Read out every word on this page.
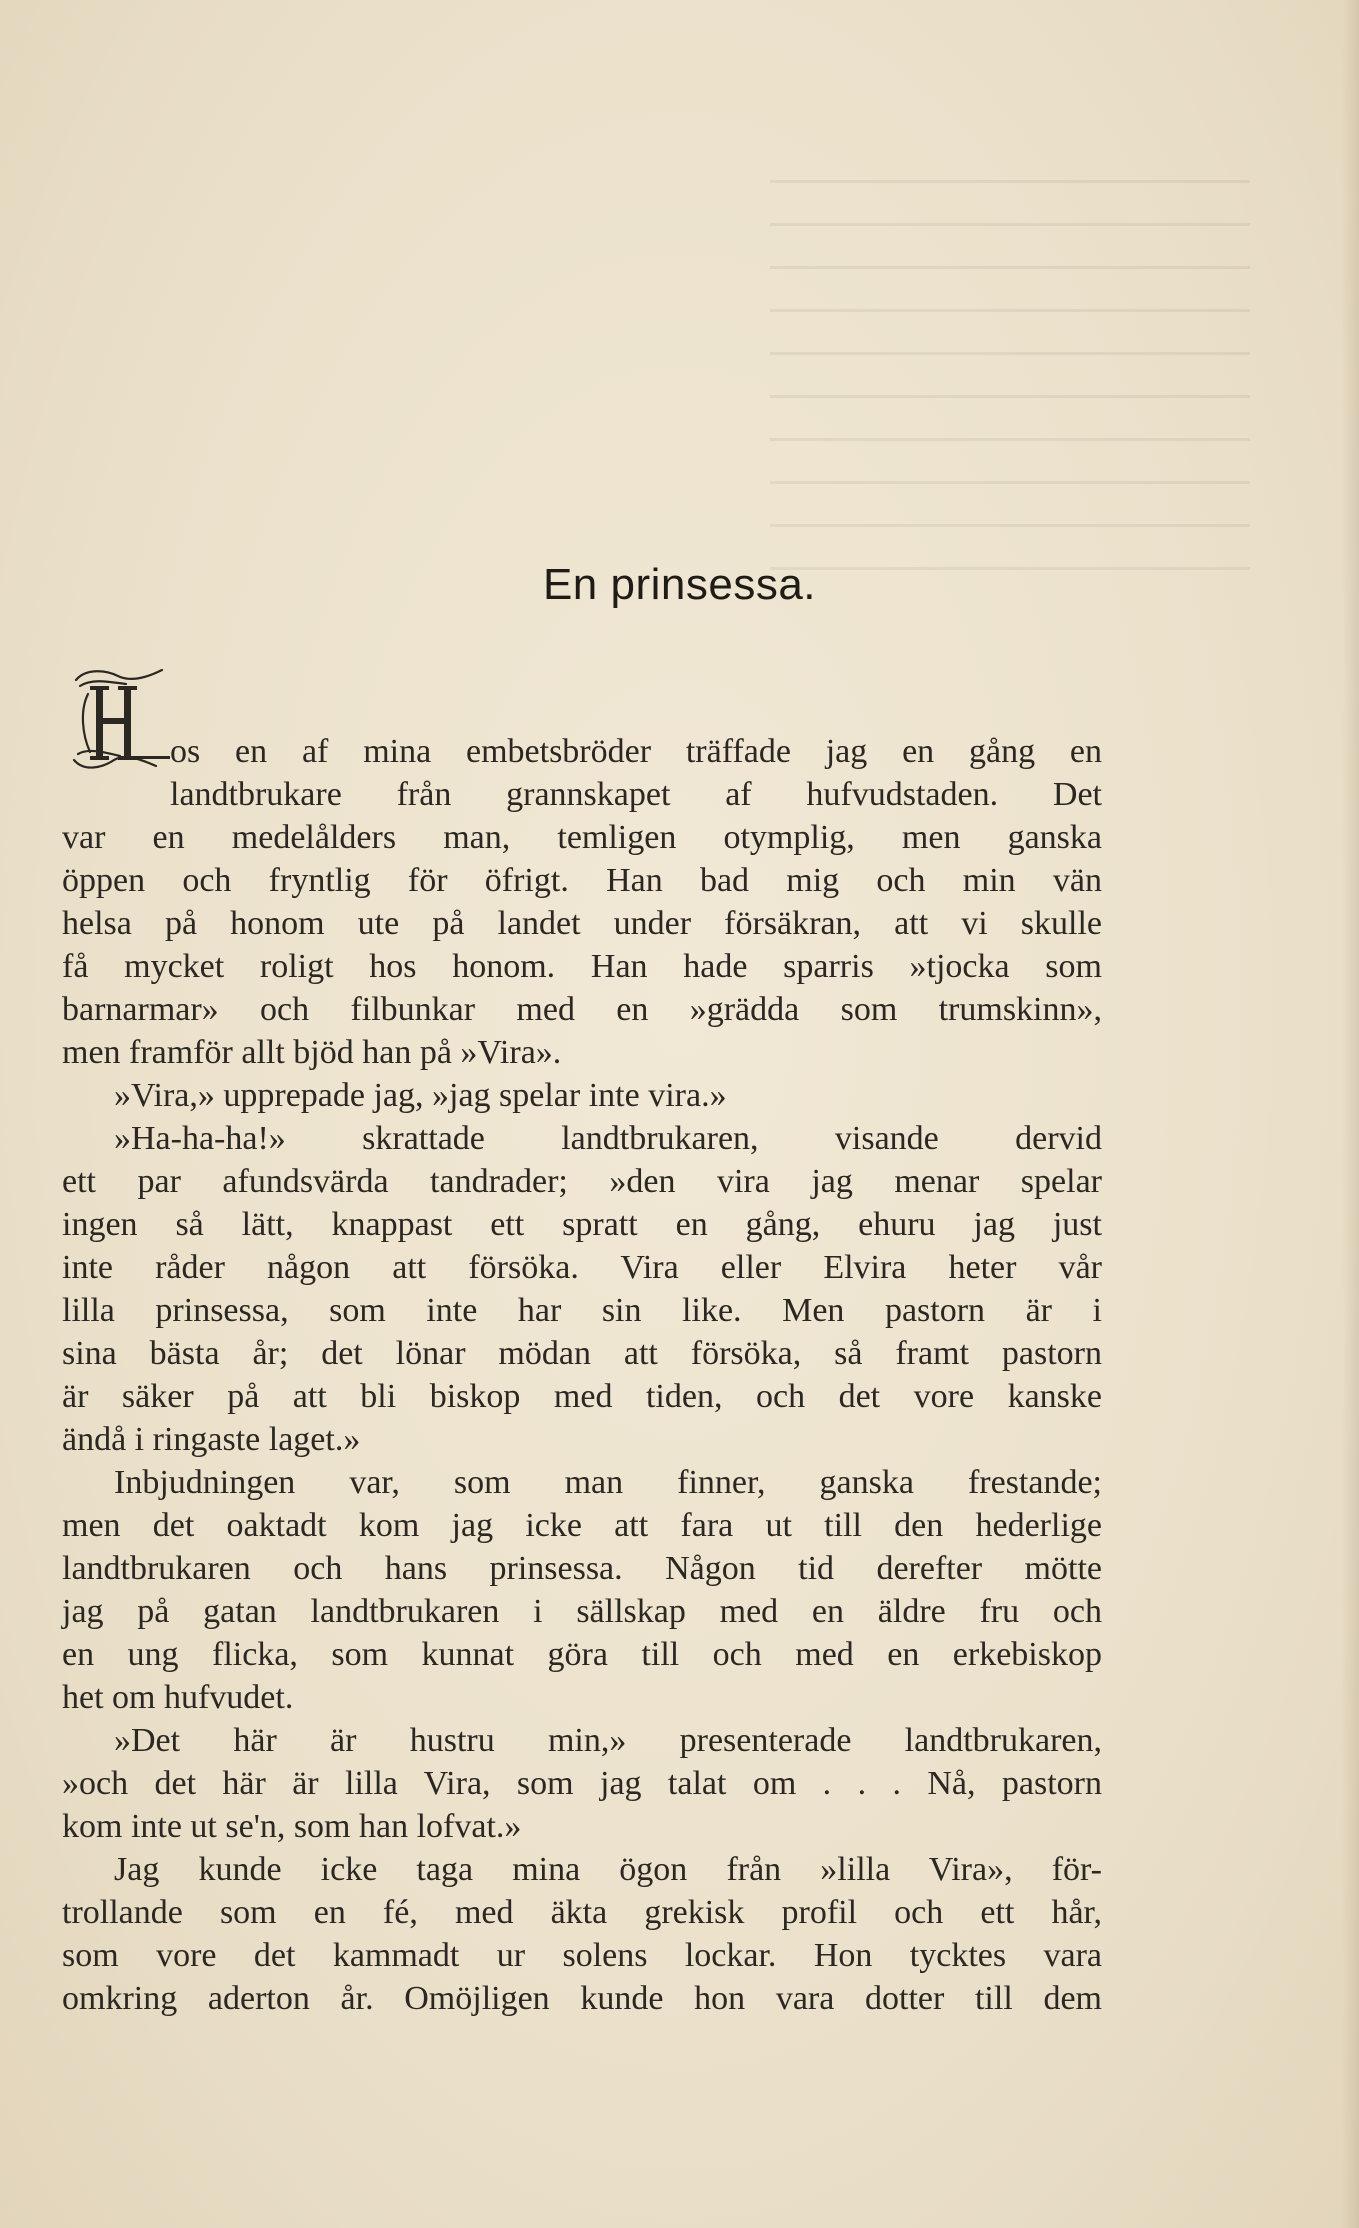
En prinsessa.
H
os en af mina embetsbröder träffade jag en gång en
landtbrukare från grannskapet af hufvudstaden. Det
var en medelålders man, temligen otymplig, men ganska
öppen och fryntlig för öfrigt. Han bad mig och min vän
helsa på honom ute på landet under försäkran, att vi skulle
få mycket roligt hos honom. Han hade sparris »tjocka som
barnarmar» och filbunkar med en »grädda som trumskinn»,
men framför allt bjöd han på »Vira».
»Vira,» upprepade jag, »jag spelar inte vira.»
»Ha-ha-ha!» skrattade landtbrukaren, visande dervid
ett par afundsvärda tandrader; »den vira jag menar spelar
ingen så lätt, knappast ett spratt en gång, ehuru jag just
inte råder någon att försöka. Vira eller Elvira heter vår
lilla prinsessa, som inte har sin like. Men pastorn är i
sina bästa år; det lönar mödan att försöka, så framt pastorn
är säker på att bli biskop med tiden, och det vore kanske
ändå i ringaste laget.»
Inbjudningen var, som man finner, ganska frestande;
men det oaktadt kom jag icke att fara ut till den hederlige
landtbrukaren och hans prinsessa. Någon tid derefter mötte
jag på gatan landtbrukaren i sällskap med en äldre fru och
en ung flicka, som kunnat göra till och med en erkebiskop
het om hufvudet.
»Det här är hustru min,» presenterade landtbrukaren,
»och det här är lilla Vira, som jag talat om . . . Nå, pastorn
kom inte ut se'n, som han lofvat.»
Jag kunde icke taga mina ögon från »lilla Vira», för-
trollande som en fé, med äkta grekisk profil och ett hår,
som vore det kammadt ur solens lockar. Hon tycktes vara
omkring aderton år. Omöjligen kunde hon vara dotter till dem
